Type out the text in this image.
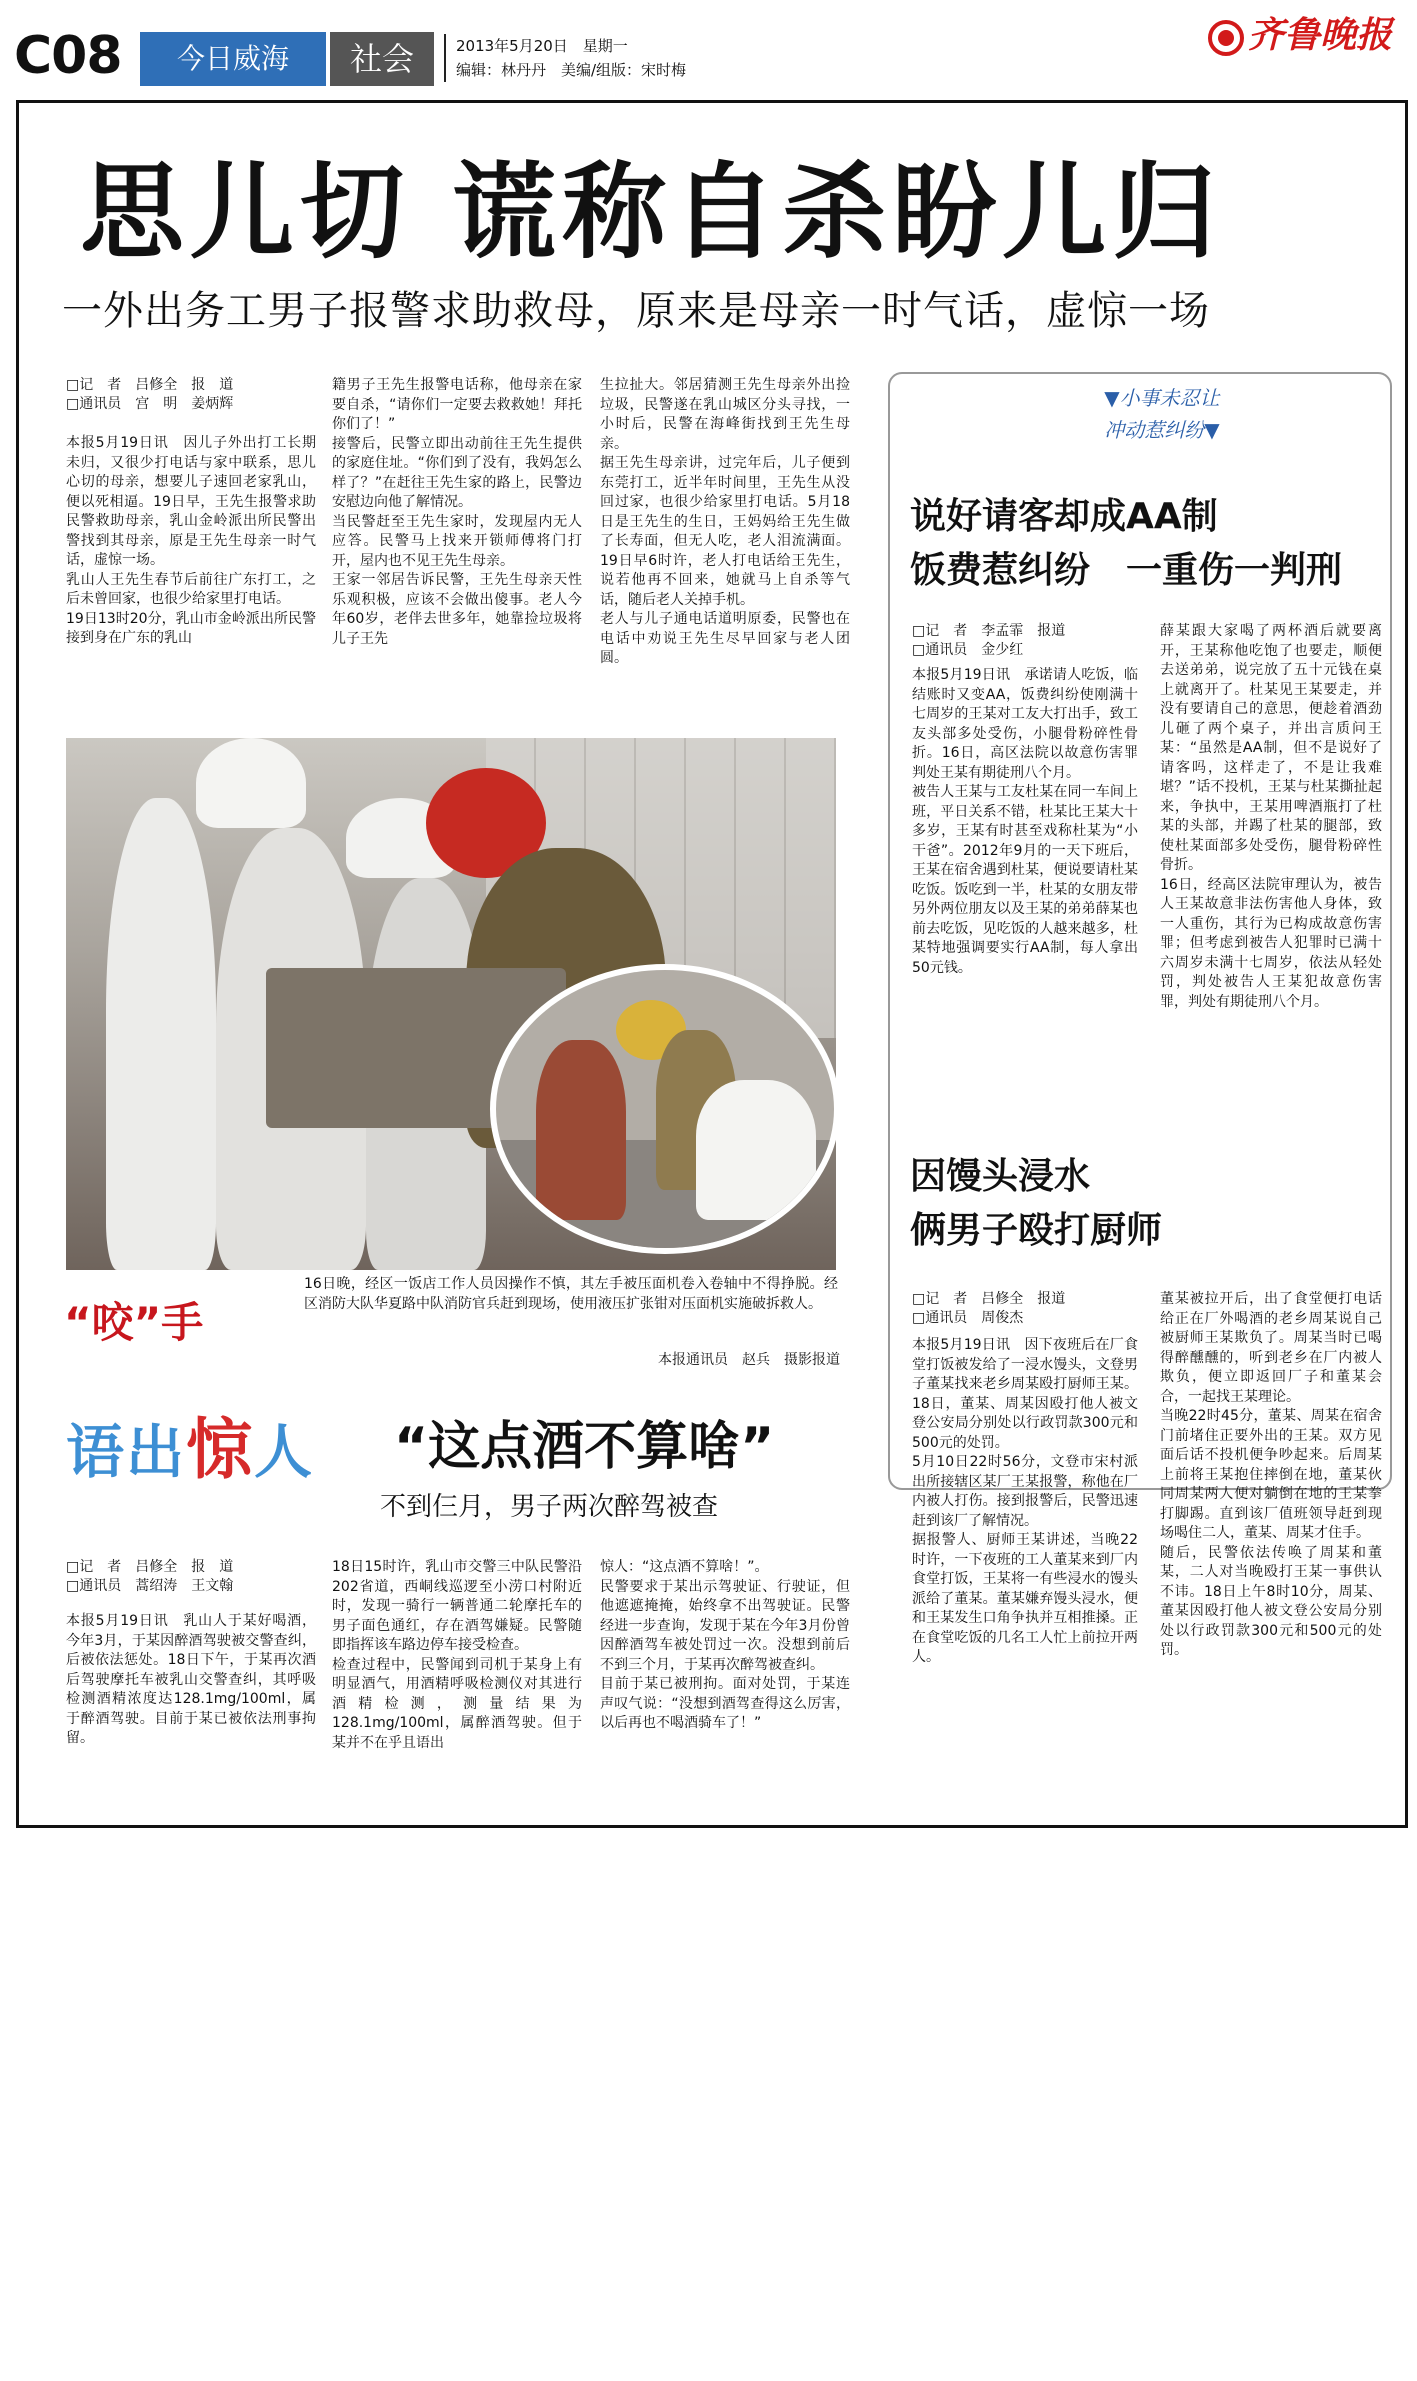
C08	今日威海	社会	2013年5月20日　星期一
编辑：林丹丹　美编/组版：宋时梅
齐鲁晚报
思儿切 谎称自杀盼儿归
一外出务工男子报警求助救母，原来是母亲一时气话，虚惊一场
□记　者　吕修全　报　道
□通讯员　宫　明　姜炳辉
本报5月19日讯　因儿子外出打工长期未归，又很少打电话与家中联系，思儿心切的母亲，想要儿子速回老家乳山，便以死相逼。19日早，王先生报警求助民警救助母亲，乳山金岭派出所民警出警找到其母亲，原是王先生母亲一时气话，虚惊一场。
乳山人王先生春节后前往广东打工，之后未曾回家，也很少给家里打电话。
19日13时20分，乳山市金岭派出所民警接到身在广东的乳山
籍男子王先生报警电话称，他母亲在家要自杀，“请你们一定要去救救她！拜托你们了！”
接警后，民警立即出动前往王先生提供的家庭住址。“你们到了没有，我妈怎么样了？”在赶往王先生家的路上，民警边安慰边向他了解情况。
当民警赶至王先生家时，发现屋内无人应答。民警马上找来开锁师傅将门打开，屋内也不见王先生母亲。
王家一邻居告诉民警，王先生母亲天性乐观积极，应该不会做出傻事。老人今年60岁，老伴去世多年，她靠捡垃圾将儿子王先
生拉扯大。邻居猜测王先生母亲外出捡垃圾，民警遂在乳山城区分头寻找，一小时后，民警在海峰街找到王先生母亲。
据王先生母亲讲，过完年后，儿子便到东莞打工，近半年时间里，王先生从没回过家，也很少给家里打电话。5月18日是王先生的生日，王妈妈给王先生做了长寿面，但无人吃，老人泪流满面。19日早6时许，老人打电话给王先生，说若他再不回来，她就马上自杀等气话，随后老人关掉手机。
老人与儿子通电话道明原委，民警也在电话中劝说王先生尽早回家与老人团圆。
“咬”手
16日晚，经区一饭店工作人员因操作不慎，其左手被压面机卷入卷轴中不得挣脱。经区消防大队华夏路中队消防官兵赶到现场，使用液压扩张钳对压面机实施破拆救人。
本报通讯员　赵兵　摄影报道
▼小事未忍让
冲动惹纠纷▼
说好请客却成AA制
饭费惹纠纷　一重伤一判刑
□记　者　李孟霏　报道
□通讯员　金少红
本报5月19日讯　承诺请人吃饭，临结账时又变AA，饭费纠纷使刚满十七周岁的王某对工友大打出手，致工友头部多处受伤，小腿骨粉碎性骨折。16日，高区法院以故意伤害罪判处王某有期徒刑八个月。
被告人王某与工友杜某在同一车间上班，平日关系不错，杜某比王某大十多岁，王某有时甚至戏称杜某为“小干爸”。2012年9月的一天下班后，王某在宿舍遇到杜某，便说要请杜某吃饭。饭吃到一半，杜某的女朋友带另外两位朋友以及王某的弟弟薛某也前去吃饭，见吃饭的人越来越多，杜某特地强调要实行AA制，每人拿出50元钱。
薛某跟大家喝了两杯酒后就要离开，王某称他吃饱了也要走，顺便去送弟弟，说完放了五十元钱在桌上就离开了。杜某见王某要走，并没有要请自己的意思，便趁着酒劲儿砸了两个桌子，并出言质问王某：“虽然是AA制，但不是说好了请客吗，这样走了，不是让我难堪？”话不投机，王某与杜某撕扯起来，争执中，王某用啤酒瓶打了杜某的头部，并踢了杜某的腿部，致使杜某面部多处受伤，腿骨粉碎性骨折。
16日，经高区法院审理认为，被告人王某故意非法伤害他人身体，致一人重伤，其行为已构成故意伤害罪；但考虑到被告人犯罪时已满十六周岁未满十七周岁，依法从轻处罚，判处被告人王某犯故意伤害罪，判处有期徒刑八个月。
因馒头浸水
俩男子殴打厨师
□记　者　吕修全　报道
□通讯员　周俊杰
本报5月19日讯　因下夜班后在厂食堂打饭被发给了一浸水馒头，文登男子董某找来老乡周某殴打厨师王某。18日，董某、周某因殴打他人被文登公安局分别处以行政罚款300元和500元的处罚。
5月10日22时56分，文登市宋村派出所接辖区某厂王某报警，称他在厂内被人打伤。接到报警后，民警迅速赶到该厂了解情况。
据报警人、厨师王某讲述，当晚22时许，一下夜班的工人董某来到厂内食堂打饭，王某将一有些浸水的馒头派给了董某。董某嫌弃馒头浸水，便和王某发生口角争执并互相推搡。正在食堂吃饭的几名工人忙上前拉开两人。
董某被拉开后，出了食堂便打电话给正在厂外喝酒的老乡周某说自己被厨师王某欺负了。周某当时已喝得醉醺醺的，听到老乡在厂内被人欺负，便立即返回厂子和董某会合，一起找王某理论。
当晚22时45分，董某、周某在宿舍门前堵住正要外出的王某。双方见面后话不投机便争吵起来。后周某上前将王某抱住摔倒在地，董某伙同周某两人便对躺倒在地的王某拳打脚踢。直到该厂值班领导赶到现场喝住二人，董某、周某才住手。
随后，民警依法传唤了周某和董某，二人对当晚殴打王某一事供认不讳。18日上午8时10分，周某、董某因殴打他人被文登公安局分别处以行政罚款300元和500元的处罚。
语出惊人	“这点酒不算啥”
不到仨月，男子两次醉驾被查
□记　者　吕修全　报　道
□通讯员　蒿绍涛　王文翰
本报5月19日讯　乳山人于某好喝酒，今年3月，于某因醉酒驾驶被交警查纠，后被依法惩处。18日下午，于某再次酒后驾驶摩托车被乳山交警查纠，其呼吸检测酒精浓度达128.1mg/100ml，属于醉酒驾驶。目前于某已被依法刑事拘留。
18日15时许，乳山市交警三中队民警沿202省道，西峒线巡逻至小涝口村附近时，发现一骑行一辆普通二轮摩托车的男子面色通红，存在酒驾嫌疑。民警随即指挥该车路边停车接受检查。
检查过程中，民警闻到司机于某身上有明显酒气，用酒精呼吸检测仪对其进行酒精检测，测量结果为128.1mg/100ml，属醉酒驾驶。但于某并不在乎且语出
惊人：“这点酒不算啥！”。
民警要求于某出示驾驶证、行驶证，但他遮遮掩掩，始终拿不出驾驶证。民警经进一步查询，发现于某在今年3月份曾因醉酒驾车被处罚过一次。没想到前后不到三个月，于某再次醉驾被查纠。
目前于某已被刑拘。面对处罚，于某连声叹气说：“没想到酒驾查得这么厉害，以后再也不喝酒骑车了！”
